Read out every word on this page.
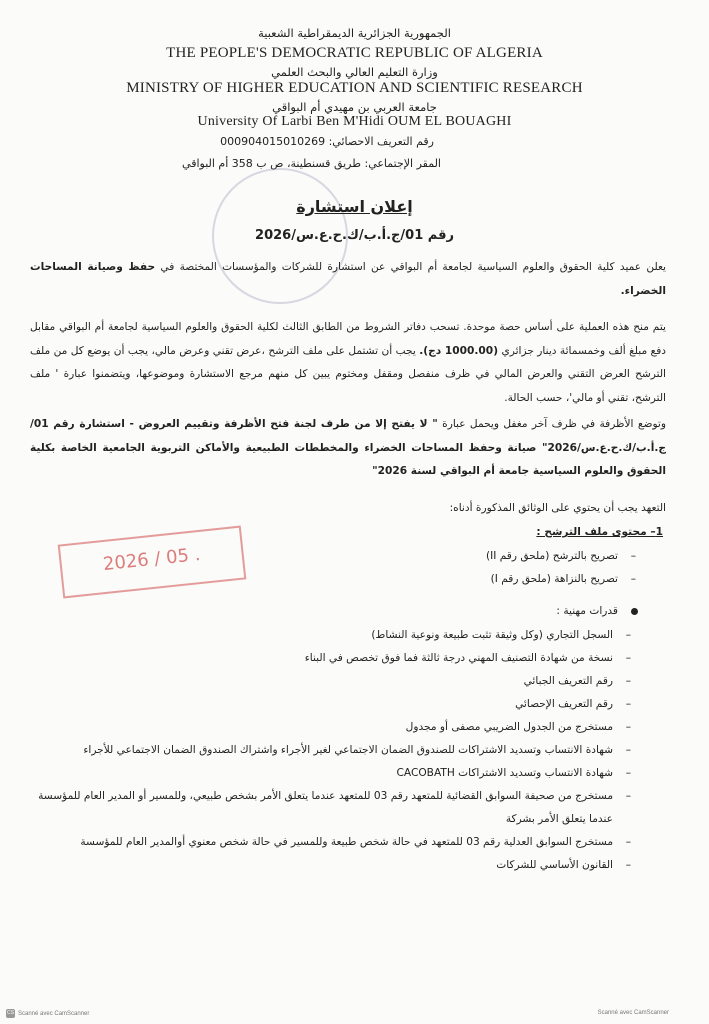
الجمهورية الجزائرية الديمقراطية الشعبية
THE PEOPLE'S DEMOCRATIC REPUBLIC OF ALGERIA
وزارة التعليم العالي والبحث العلمي
MINISTRY OF HIGHER EDUCATION AND SCIENTIFIC RESEARCH
جامعة العربي بن مهيدي أم البواقي
University Of Larbi Ben M'Hidi OUM EL BOUAGHI
رقم التعريف الاحصائي: 000904015010269
المقر الإجتماعي: طريق قسنطينة، ص ب 358 أم البواقي
إعلان استشارة
رقم 01/ج.أ.ب/ك.ح.ع.س/2026
يعلن عميد كلية الحقوق والعلوم السياسية لجامعة أم البواقي عن استشارة للشركات والمؤسسات المختصة في حفظ وصيانة المساحات الخضراء.
يتم منح هذه العملية على أساس حصة موحدة. تسحب دفاتر الشروط من الطابق الثالث لكلية الحقوق والعلوم السياسية لجامعة أم البواقي مقابل دفع مبلغ ألف وخمسمائة دينار جزائري (1000.00 دج). يجب أن تشتمل على ملف الترشح ،عرض تقني وعرض مالي، يجب أن يوضع كل من ملف الترشح العرض التقني والعرض المالي في ظرف منفصل ومقفل ومختوم يبين كل منهم مرجع الاستشارة وموضوعها، ويتضمنوا عبارة ' ملف الترشح، تقني أو مالي'، حسب الحالة.
وتوضع الأظرفة في ظرف آخر مغفل ويحمل عبارة " لا يفتح إلا من طرف لجنة فتح الأظرفة وتقييم العروض - استشارة رقم 01/ج.أ.ب/ك.ح.ع.س/2026" صيانة وحفظ المساحات الخضراء والمخططات الطبيعية والأماكن التربوية الجامعية الخاصة بكلية الحقوق والعلوم السياسية جامعة أم البواقي لسنة 2026"
التعهد يجب أن يحتوي على الوثائق المذكورة أدناه:
1– محتوى ملف الترشح :
2026 / 05 .	–
تصريح بالترشح (ملحق رقم II)
–
تصريح بالنزاهة (ملحق رقم I)
قدرات مهنية :
–
السجل التجاري (وكل وثيقة تثبت طبيعة ونوعية النشاط)
–
نسخة من شهادة التصنيف المهني درجة ثالثة فما فوق تخصص في البناء
–
رقم التعريف الجبائي
–
رقم التعريف الإحصائي
–
مستخرج من الجدول الضريبي مصفى أو مجدول
–
شهادة الانتساب وتسديد الاشتراكات للصندوق الضمان الاجتماعي لغير الأجراء واشتراك الصندوق الضمان الاجتماعي للأجراء
–
شهادة الانتساب وتسديد الاشتراكات CACOBATH
–
مستخرج من صحيفة السوابق القضائية للمتعهد رقم 03 للمتعهد عندما يتعلق الأمر بشخص طبيعي، وللمسير أو المدير العام للمؤسسة عندما يتعلق الأمر بشركة
–
مستخرج السوابق العدلية رقم 03 للمتعهد في حالة شخص طبيعة وللمسير في حالة شخص معنوي أوالمدير العام للمؤسسة
–
القانون الأساسي للشركات
CS Scanné avec CamScanner	Scanné avec CamScanner
